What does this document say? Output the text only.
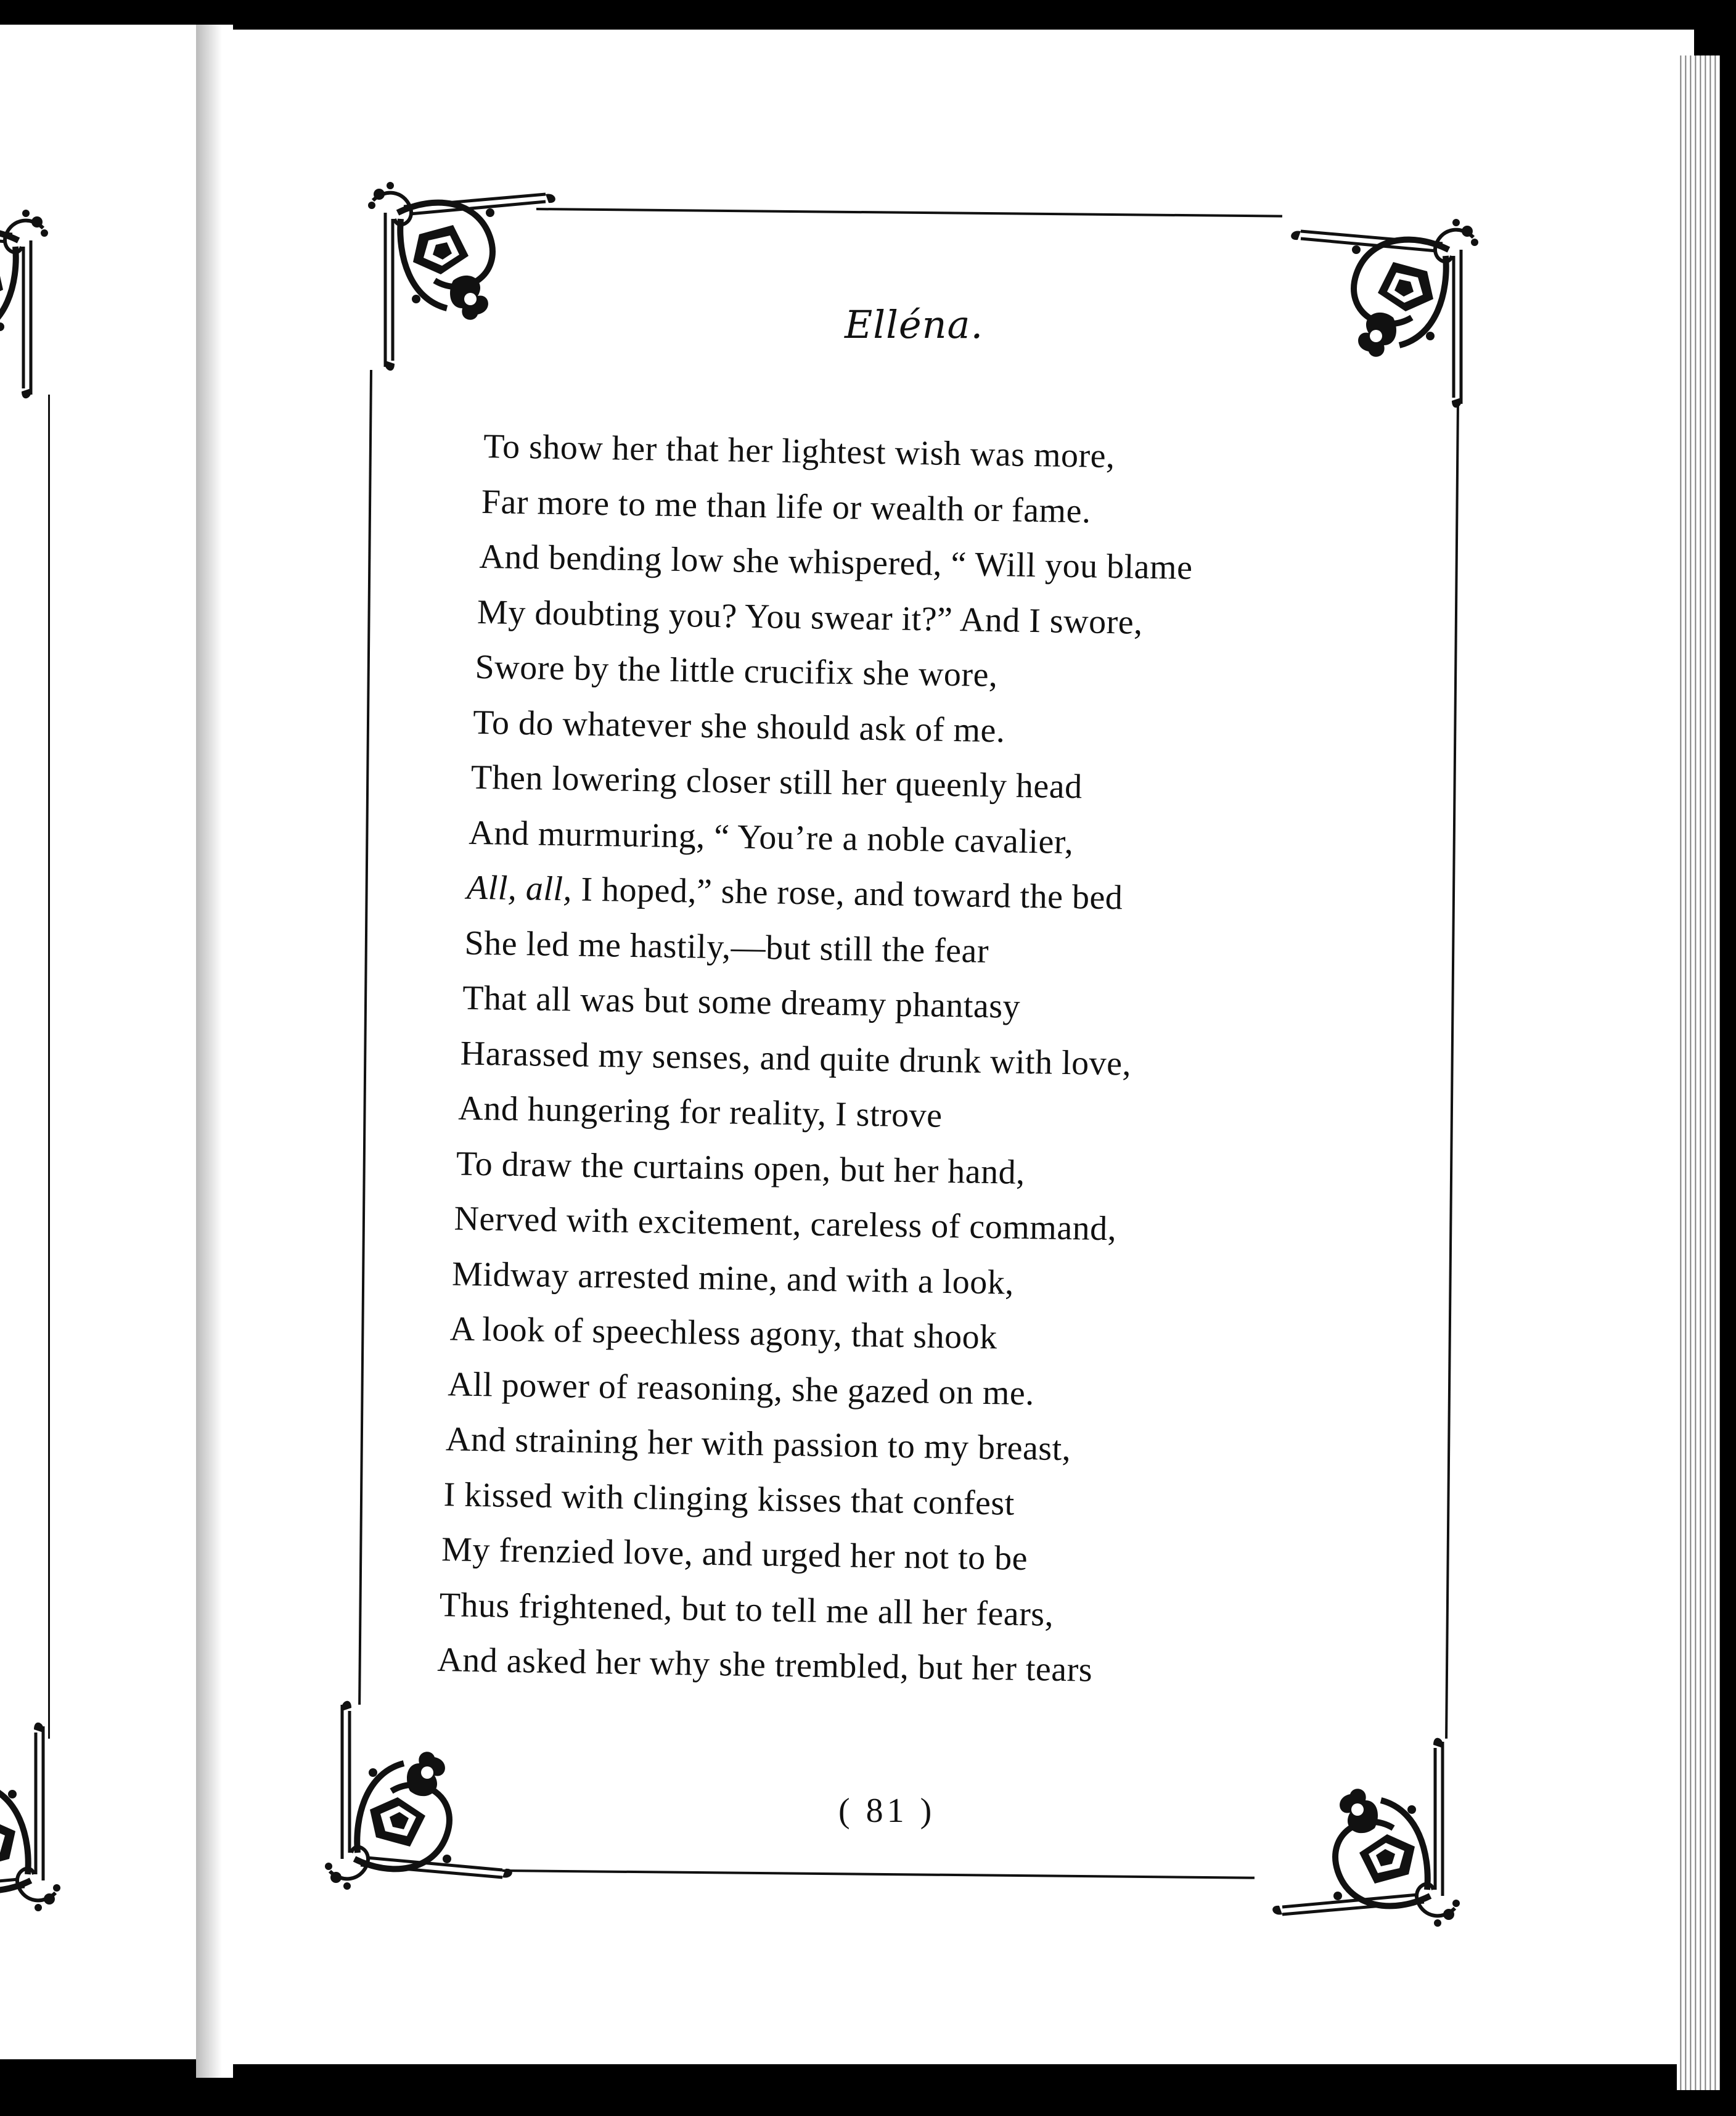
Elléna.
To show her that her lightest wish was more,
Far more to me than life or wealth or fame.
And bending low she whispered, “ Will you blame
My doubting you? You swear it?” And I swore,
Swore by the little crucifix she wore,
To do whatever she should ask of me.
Then lowering closer still her queenly head
And murmuring, “ You’re a noble cavalier,
All, all, I hoped,” she rose, and toward the bed
She led me hastily,—but still the fear
That all was but some dreamy phantasy
Harassed my senses, and quite drunk with love,
And hungering for reality, I strove
To draw the curtains open, but her hand,
Nerved with excitement, careless of command,
Midway arrested mine, and with a look,
A look of speechless agony, that shook
All power of reasoning, she gazed on me.
And straining her with passion to my breast,
I kissed with clinging kisses that confest
My frenzied love, and urged her not to be
Thus frightened, but to tell me all her fears,
And asked her why she trembled, but her tears
( 81 )
